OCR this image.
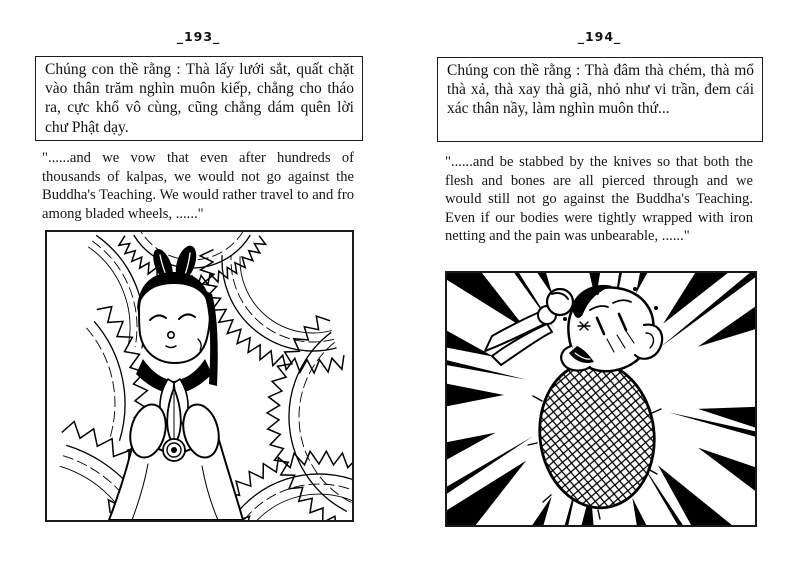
_193_
Chúng con thề rằng : Thà lấy lưới sắt, quất chặt vào thân trăm nghìn muôn kiếp, chẳng cho tháo ra, cực khổ vô cùng, cũng chẳng dám quên lời chư Phật dạy.
"......and we vow that even after hundreds of thousands of kalpas, we would not go against the Buddha's Teaching. We would rather travel to and fro among bladed wheels, ......"
_194_
Chúng con thề rằng : Thà đâm thà chém, thà mổ thà xả, thà xay thà giã, nhỏ như vi trần, đem cái xác thân nầy, làm nghìn muôn thứ...
"......and be stabbed by the knives so that both the flesh and bones are all pierced through and we would still not go against the Buddha's Teaching. Even if our bodies were tightly wrapped with iron netting and the pain was unbearable, ......"
